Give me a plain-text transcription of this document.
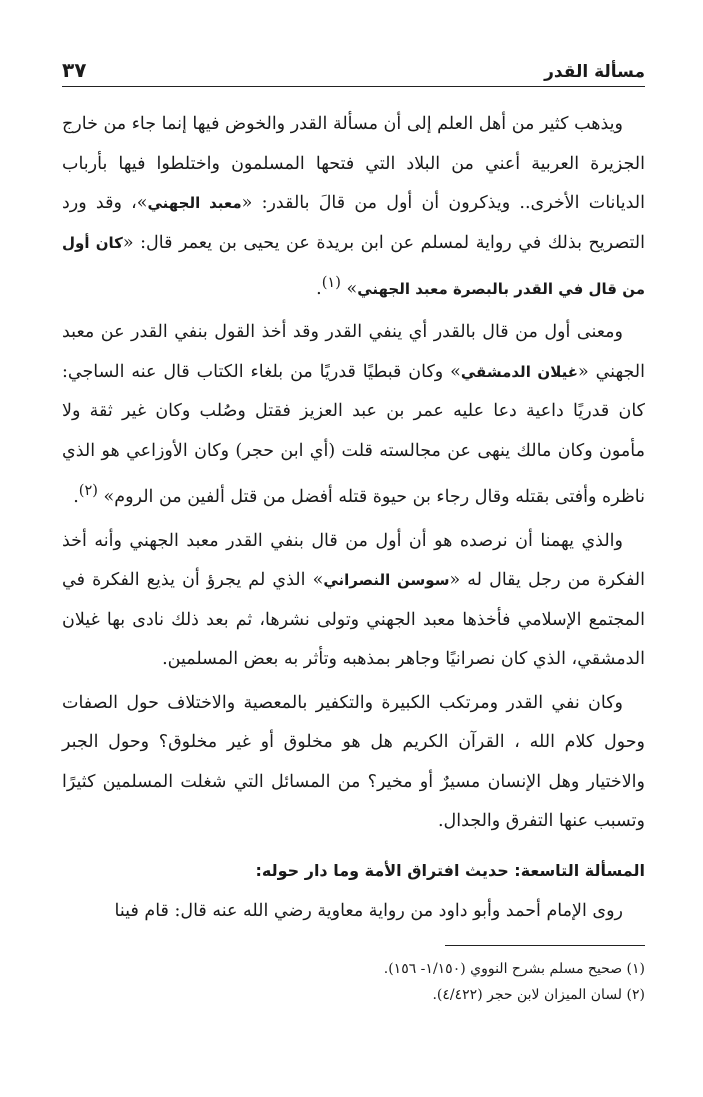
مسألة القدر
٣٧

ويذهب كثير من أهل العلم إلى أن مسألة القدر والخوض فيها إنما جاء من خارج الجزيرة العربية أعني من البلاد التي فتحها المسلمون واختلطوا فيها بأرباب الديانات الأخرى.. ويذكرون أن أول من قالَ بالقدر: «معبد الجهني»، وقد ورد التصريح بذلك في رواية لمسلم عن ابن بريدة عن يحيى بن يعمر قال: «كان أول من قال في القدر بالبصرة معبد الجهني» $^{(١)}$.

ومعنى أول من قال بالقدر أي ينفي القدر وقد أخذ القول بنفي القدر عن معبد الجهني «غيلان الدمشقي» وكان قبطيًا قدريًا من بلغاء الكتاب قال عنه الساجي: كان قدريًا داعية دعا عليه عمر بن عبد العزيز فقتل وصُلب وكان غير ثقة ولا مأمون وكان مالك ينهى عن مجالسته قلت (أي ابن حجر) وكان الأوزاعي هو الذي ناظره وأفتى بقتله وقال رجاء بن حيوة قتله أفضل من قتل ألفين من الروم» $^{(٢)}$.

والذي يهمنا أن نرصده هو أن أول من قال بنفي القدر معبد الجهني وأنه أخذ الفكرة من رجل يقال له «سوسن النصراني» الذي لم يجرؤ أن يذيع الفكرة في المجتمع الإسلامي فأخذها معبد الجهني وتولى نشرها، ثم بعد ذلك نادى بها غيلان الدمشقي، الذي كان نصرانيًا وجاهر بمذهبه وتأثر به بعض المسلمين.

وكان نفي القدر ومرتكب الكبيرة والتكفير بالمعصية والاختلاف حول الصفات وحول كلام الله ، القرآن الكريم هل هو مخلوق أو غير مخلوق؟ وحول الجبر والاختيار وهل الإنسان مسيرٌ أو مخير؟ من المسائل التي شغلت المسلمين كثيرًا وتسبب عنها التفرق والجدال.

المسألة التاسعة: حديث افتراق الأمة وما دار حوله:

روى الإمام أحمد وأبو داود من رواية معاوية رضي الله عنه قال: قام فينا

(١) صحيح مسلم بشرح النووي (١/١٥٠- ١٥٦).

(٢) لسان الميزان لابن حجر (٤/٤٢٢).
